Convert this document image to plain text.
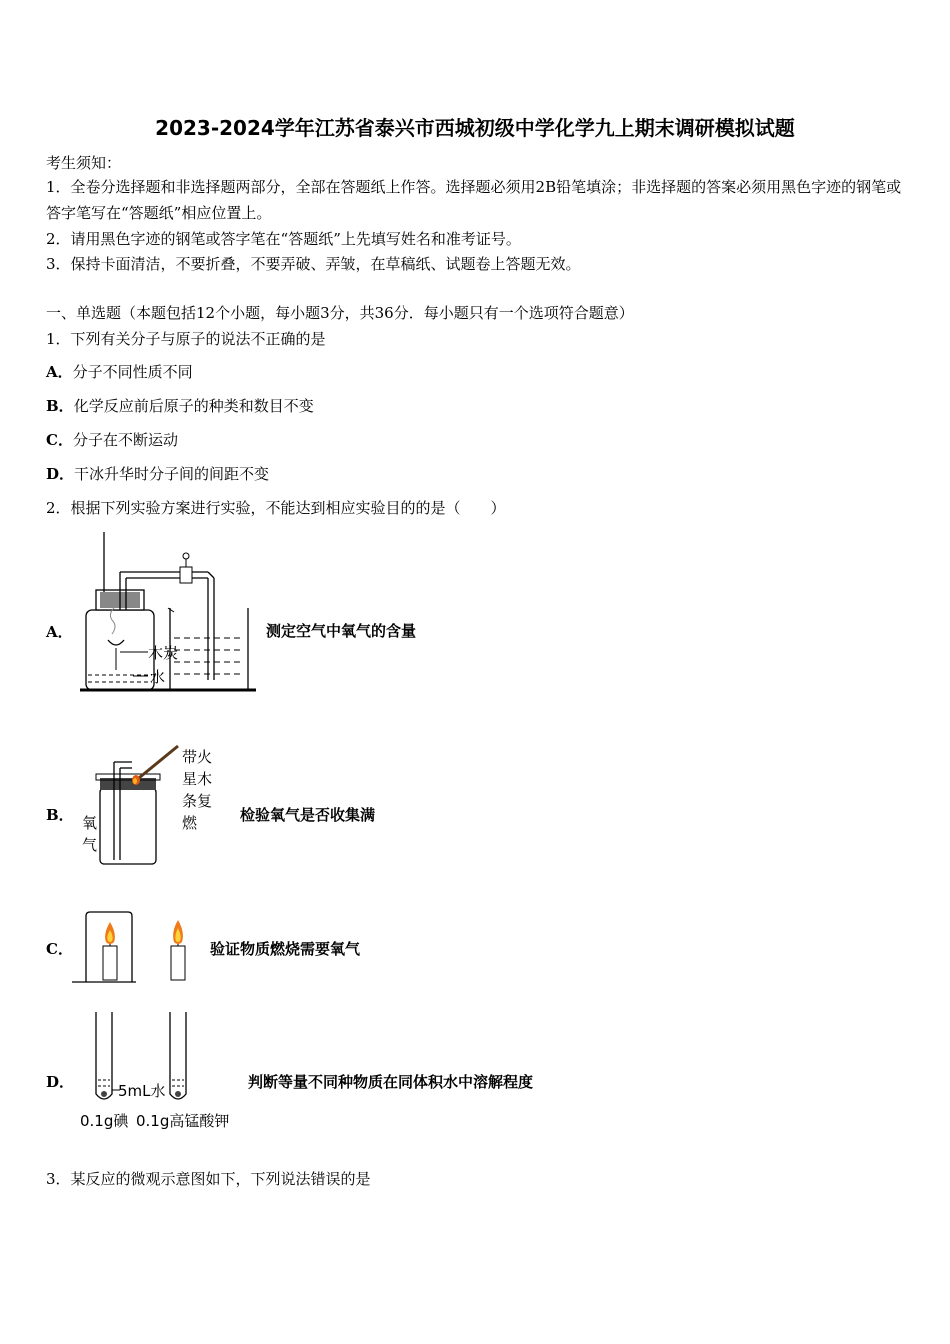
2023-2024学年江苏省泰兴市西城初级中学化学九上期末调研模拟试题
考生须知：
1．全卷分选择题和非选择题两部分，全部在答题纸上作答。选择题必须用2B铅笔填涂；非选择题的答案必须用黑色字迹的钢笔或答字笔写在“答题纸”相应位置上。
2．请用黑色字迹的钢笔或答字笔在“答题纸”上先填写姓名和准考证号。
3．保持卡面清洁，不要折叠，不要弄破、弄皱，在草稿纸、试题卷上答题无效。
一、单选题（本题包括12个小题，每小题3分，共36分．每小题只有一个选项符合题意）
1．下列有关分子与原子的说法不正确的是
A．分子不同性质不同
B．化学反应前后原子的种类和数目不变
C．分子在不断运动
D．干冰升华时分子间的间距不变
2．根据下列实验方案进行实验，不能达到相应实验目的的是（　　）
A．
木炭
水
测定空气中氧气的含量
B．
带火
星木
条复
燃
氧
气
检验氧气是否收集满
C．	验证物质燃烧需要氧气
D．	5mL水
0.1g碘 0.1g高锰酸钾
判断等量不同种物质在同体积水中溶解程度
3．某反应的微观示意图如下，下列说法错误的是
